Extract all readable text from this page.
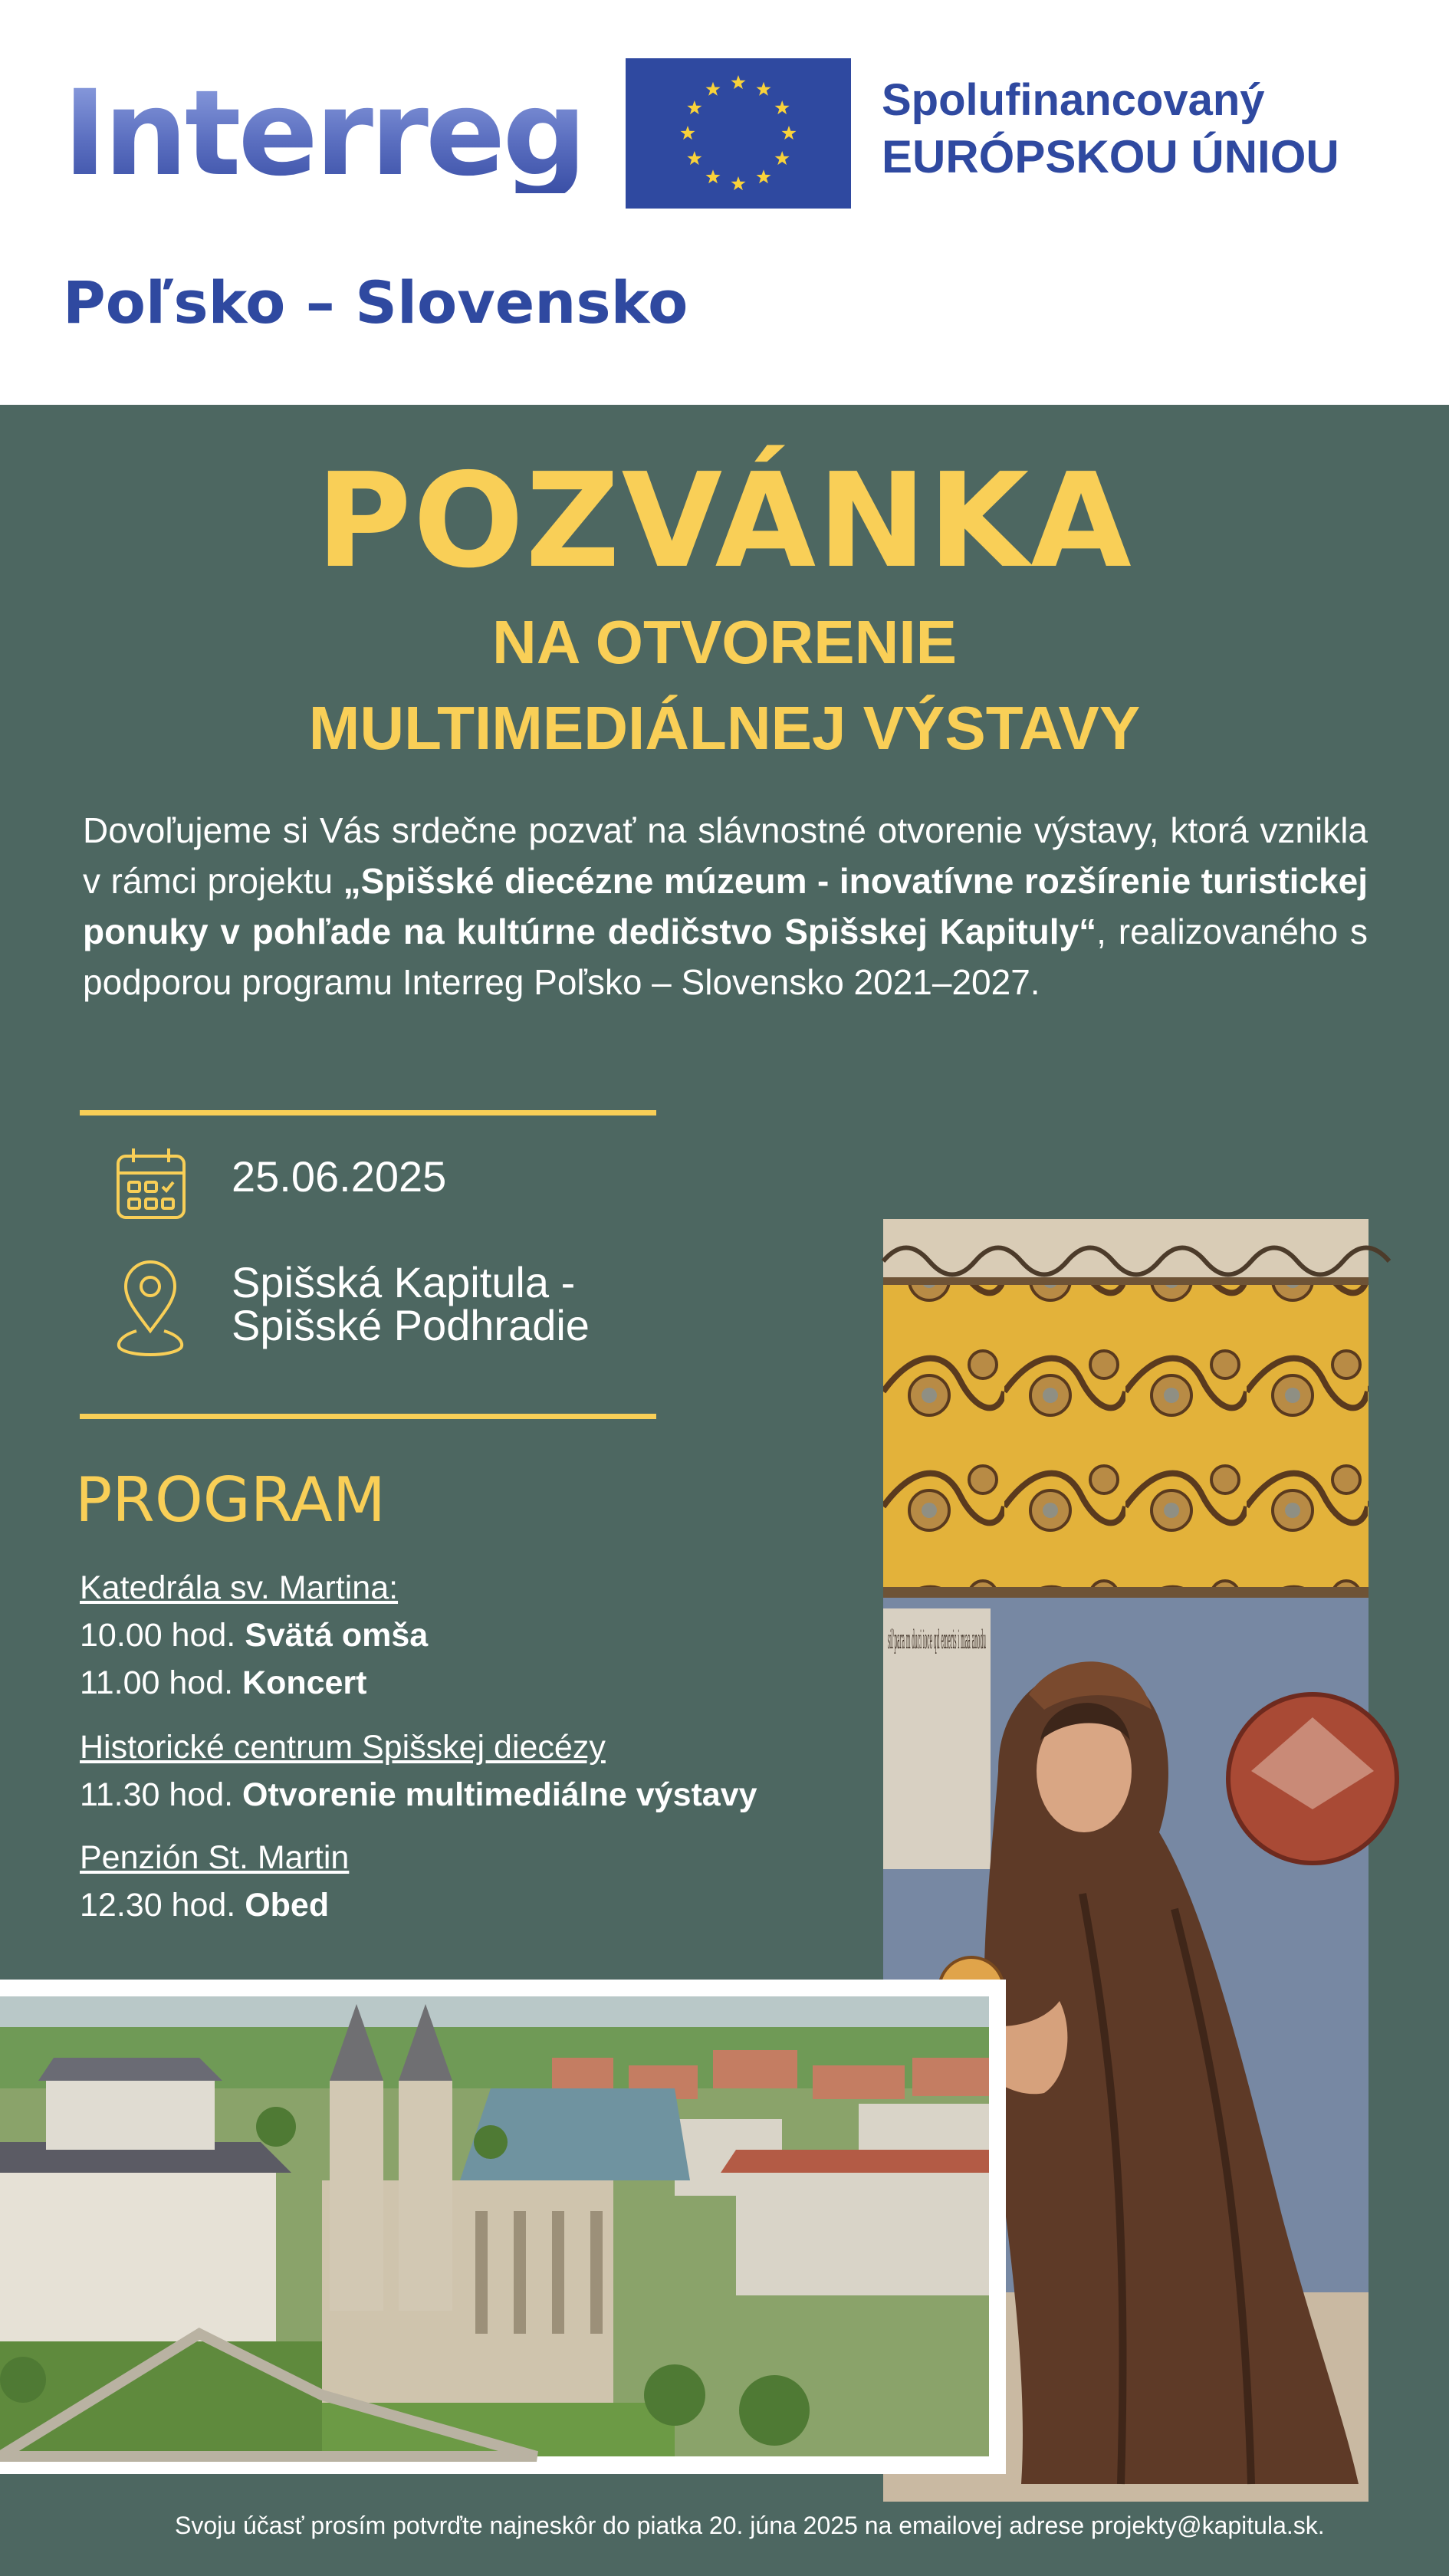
Interreg	Spolufinancovaný
EURÓPSKOU ÚNIOU
Poľsko – Slovensko
POZVÁNKA
NA OTVORENIE
MULTIMEDIÁLNEJ VÝSTAVY
Dovoľujeme si Vás srdečne pozvať na slávnostné otvorenie výstavy, ktorá vznikla v rámci projektu „Spišské diecézne múzeum - inovatívne rozšírenie turistickej ponuky v pohľade na kultúrne dedičstvo Spišskej Kapituly“, realizovaného s podporou programu Interreg Poľsko – Slovensko 2021–2027.
25.06.2025
Spišská Kapitula -
Spišské Podhradie
PROGRAM
Katedrála sv. Martina:
10.00 hod. Svätá omša
11.00 hod. Koncert
Historické centrum Spišskej diecézy
11.30 hod. Otvorenie multimediálne výstavy
Penzión St. Martin
12.30 hod. Obed
sil'para m duci ioce qd emeris i maa anodu
Svoju účasť prosím potvrďte najneskôr do piatka 20. júna 2025 na emailovej adrese projekty@kapitula.sk.
